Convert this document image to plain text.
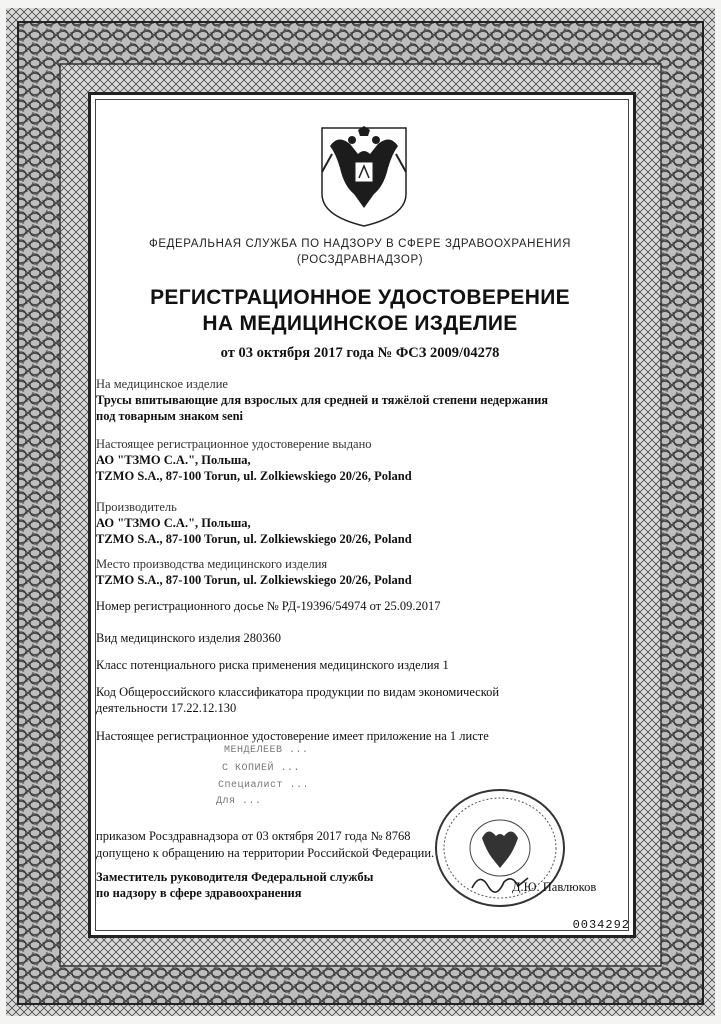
ФЕДЕРАЛЬНАЯ СЛУЖБА ПО НАДЗОРУ В СФЕРЕ ЗДРАВООХРАНЕНИЯ

(РОСЗДРАВНАДЗОР)

РЕГИСТРАЦИОННОЕ УДОСТОВЕРЕНИЕ

НА МЕДИЦИНСКОЕ ИЗДЕЛИЕ

от 03 октября 2017 года № ФСЗ 2009/04278

На медицинское изделие

Трусы впитывающие для взрослых для средней и тяжёлой степени недержания

под товарным знаком seni

Настоящее регистрационное удостоверение выдано

АО "ТЗМО С.А.", Польша,

TZMO S.A., 87-100 Torun, ul. Zolkiewskiego 20/26, Poland

Производитель

АО "ТЗМО С.А.", Польша,

TZMO S.A., 87-100 Torun, ul. Zolkiewskiego 20/26, Poland

Место производства медицинского изделия

TZMO S.A., 87-100 Torun, ul. Zolkiewskiego 20/26, Poland

Номер регистрационного досье № РД-19396/54974 от 25.09.2017

Вид медицинского изделия 280360

Класс потенциального риска применения медицинского изделия 1

Код Общероссийского классификатора продукции по видам экономической

деятельности 17.22.12.130

Настоящее регистрационное удостоверение имеет приложение на 1 листе

МЕНДЕЛЕЕВ ...

С КОПИЕЙ ...

Специалист ...

Для ...

приказом Росздравнадзора от 03 октября 2017 года № 8768

допущено к обращению на территории Российской Федерации.

Заместитель руководителя Федеральной службы

по надзору в сфере здравоохранения	Д.Ю. Павлюков

0034292
